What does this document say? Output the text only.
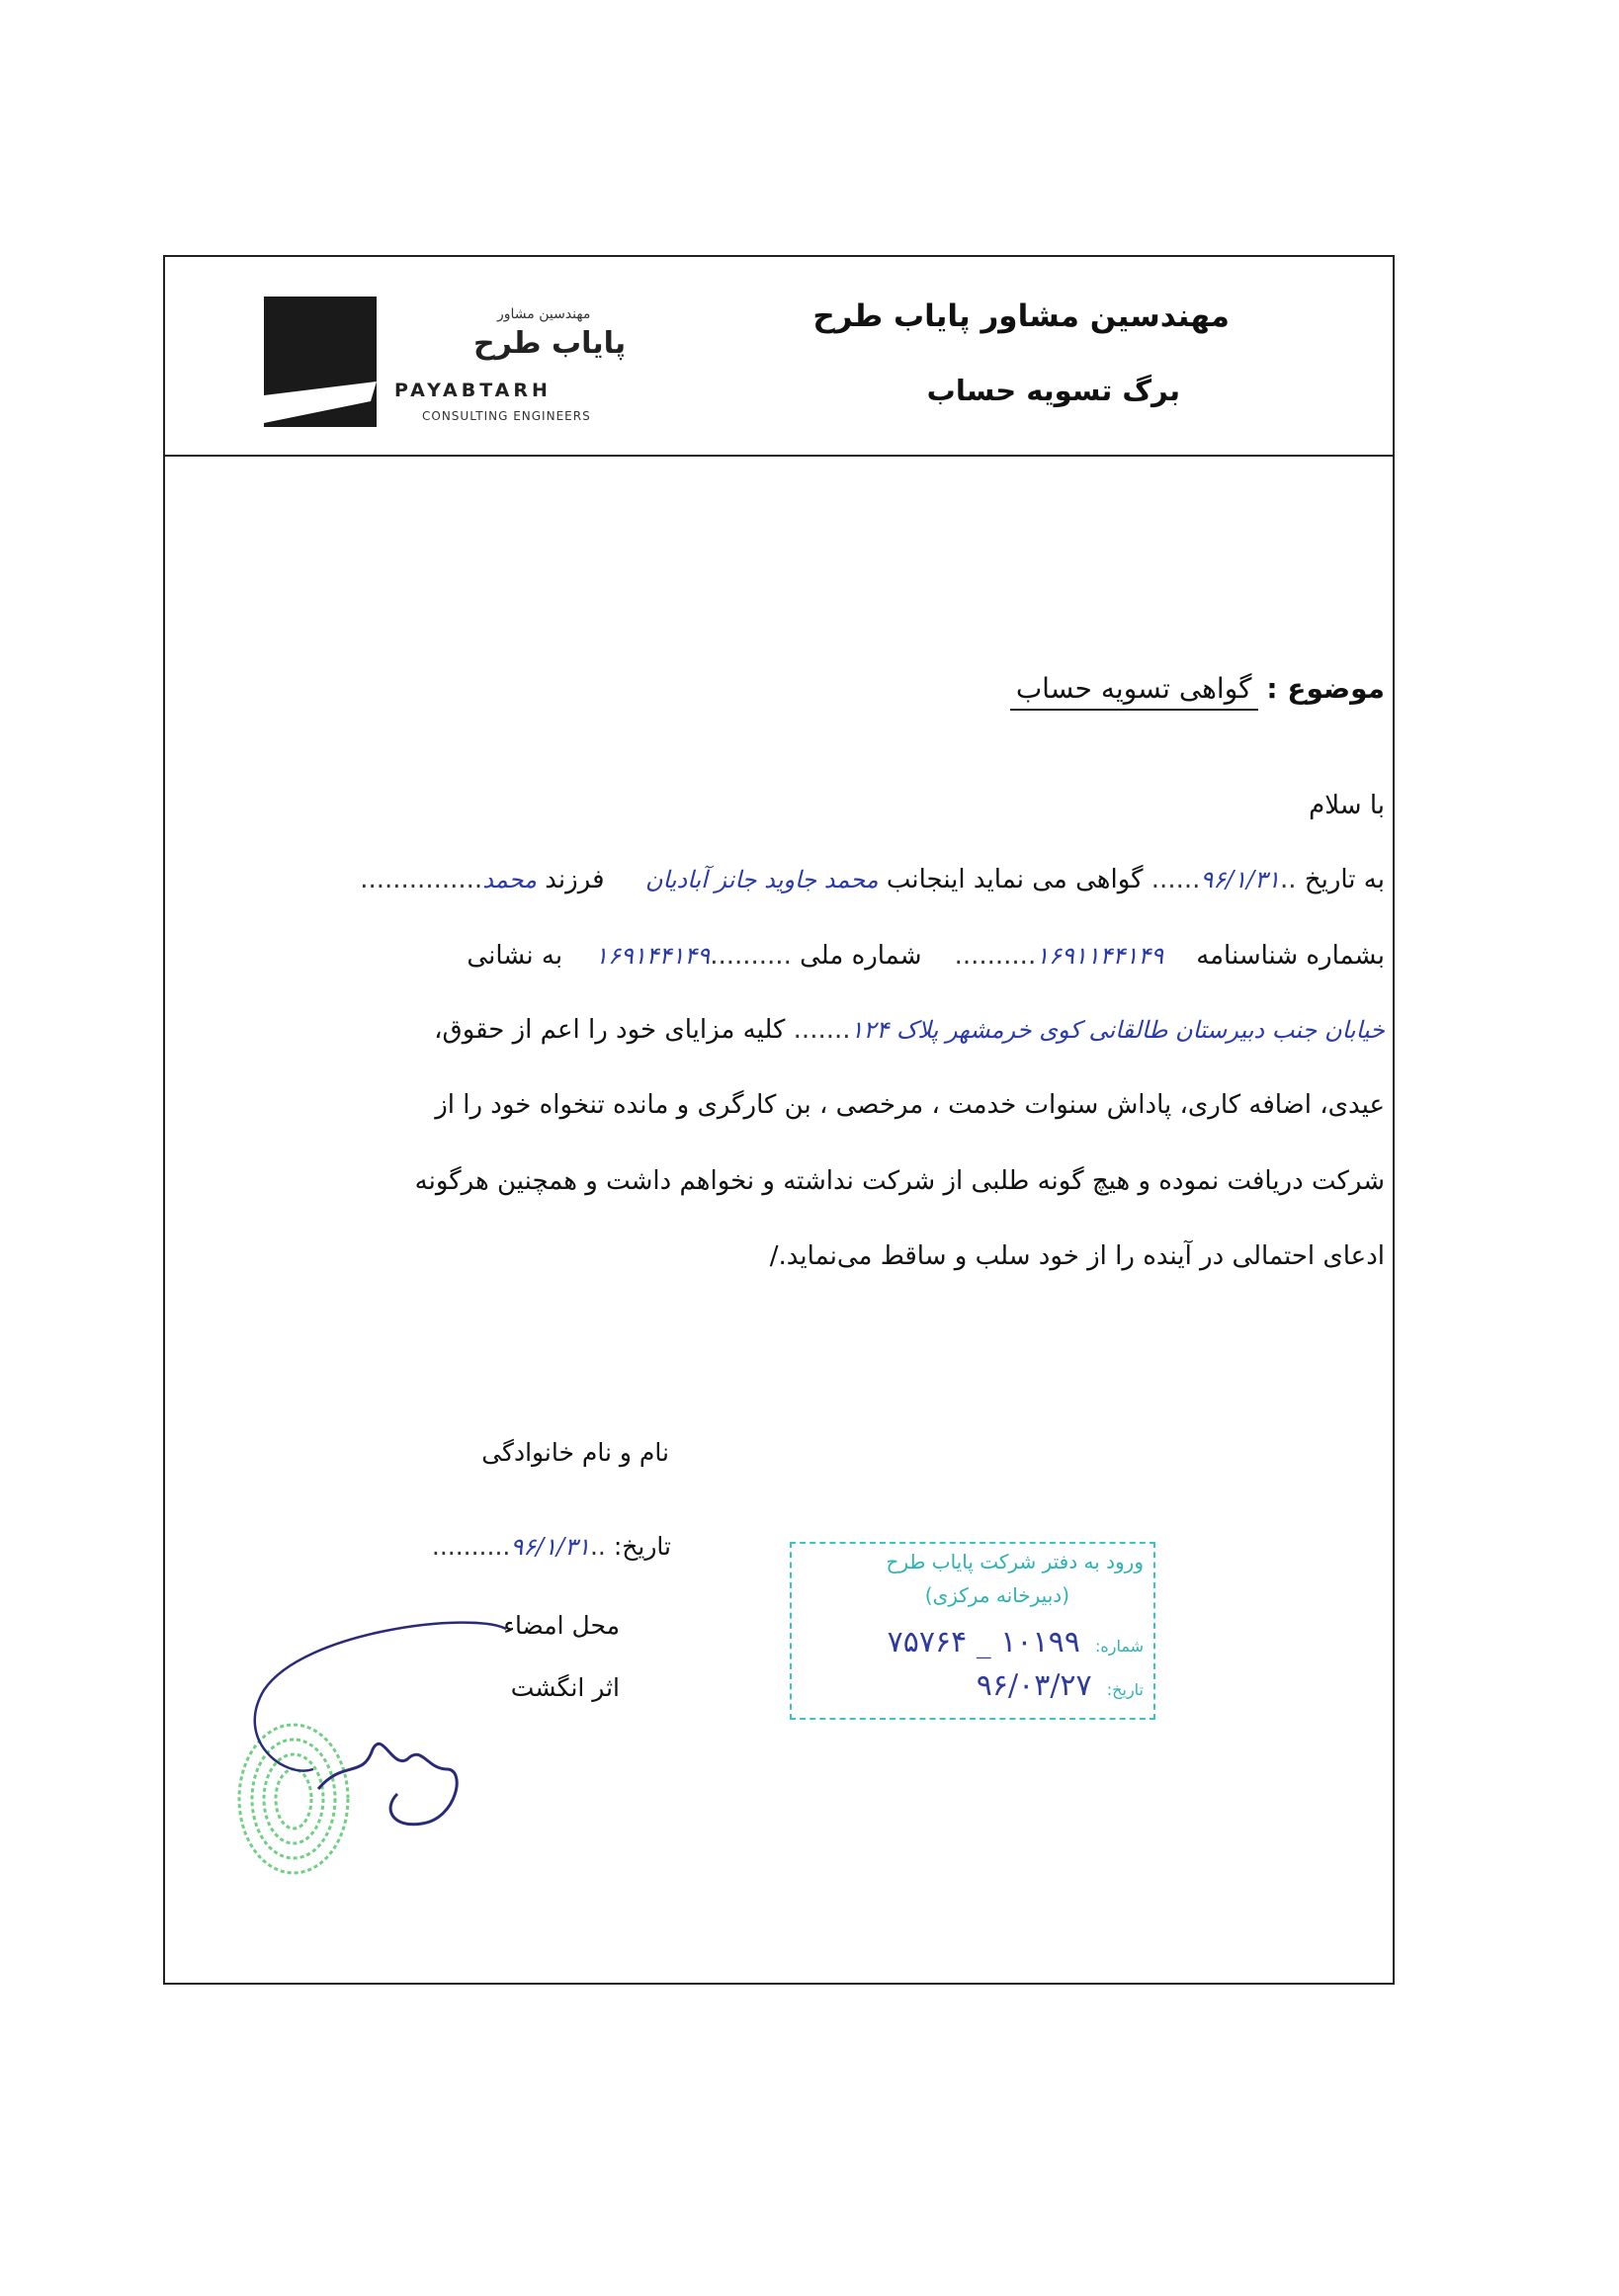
مهندسین مشاور
پایاب طرح
PAYABTARH
CONSULTING ENGINEERS
مهندسین مشاور پایاب طرح
برگ تسویه حساب
موضوع : گواهی تسویه حساب
با سلام
به تاریخ ..۹۶/۱/۳۱...... گواهی می نماید اینجانب محمد جاوید جانز آبادیان     فرزند محمد...............
بشماره شناسنامه    ۱۶۹۱۱۴۴۱۴۹..........    شماره ملی ..........۱۶۹۱۴۴۱۴۹    به نشانی
خیابان جنب دبیرستان طالقانی کوی خرمشهر پلاک ۱۲۴....... کلیه مزایای خود را اعم از حقوق،
عیدی، اضافه کاری، پاداش سنوات خدمت ، مرخصی ، بن کارگری و مانده تنخواه خود را از
شرکت دریافت نموده و هیچ گونه طلبی از شرکت نداشته و نخواهم داشت و همچنین هرگونه
ادعای احتمالی در آینده را از خود سلب و ساقط می‌نماید./
نام و نام خانوادگی
تاریخ: ..۹۶/۱/۳۱..........
محل امضاء
اثر انگشت
ورود به دفتر شرکت پایاب طرح
(دبیرخانه مرکزی)
شماره: ۱۰۱۹۹ _ ۷۵۷۶۴
تاریخ: ۹۶/۰۳/۲۷
